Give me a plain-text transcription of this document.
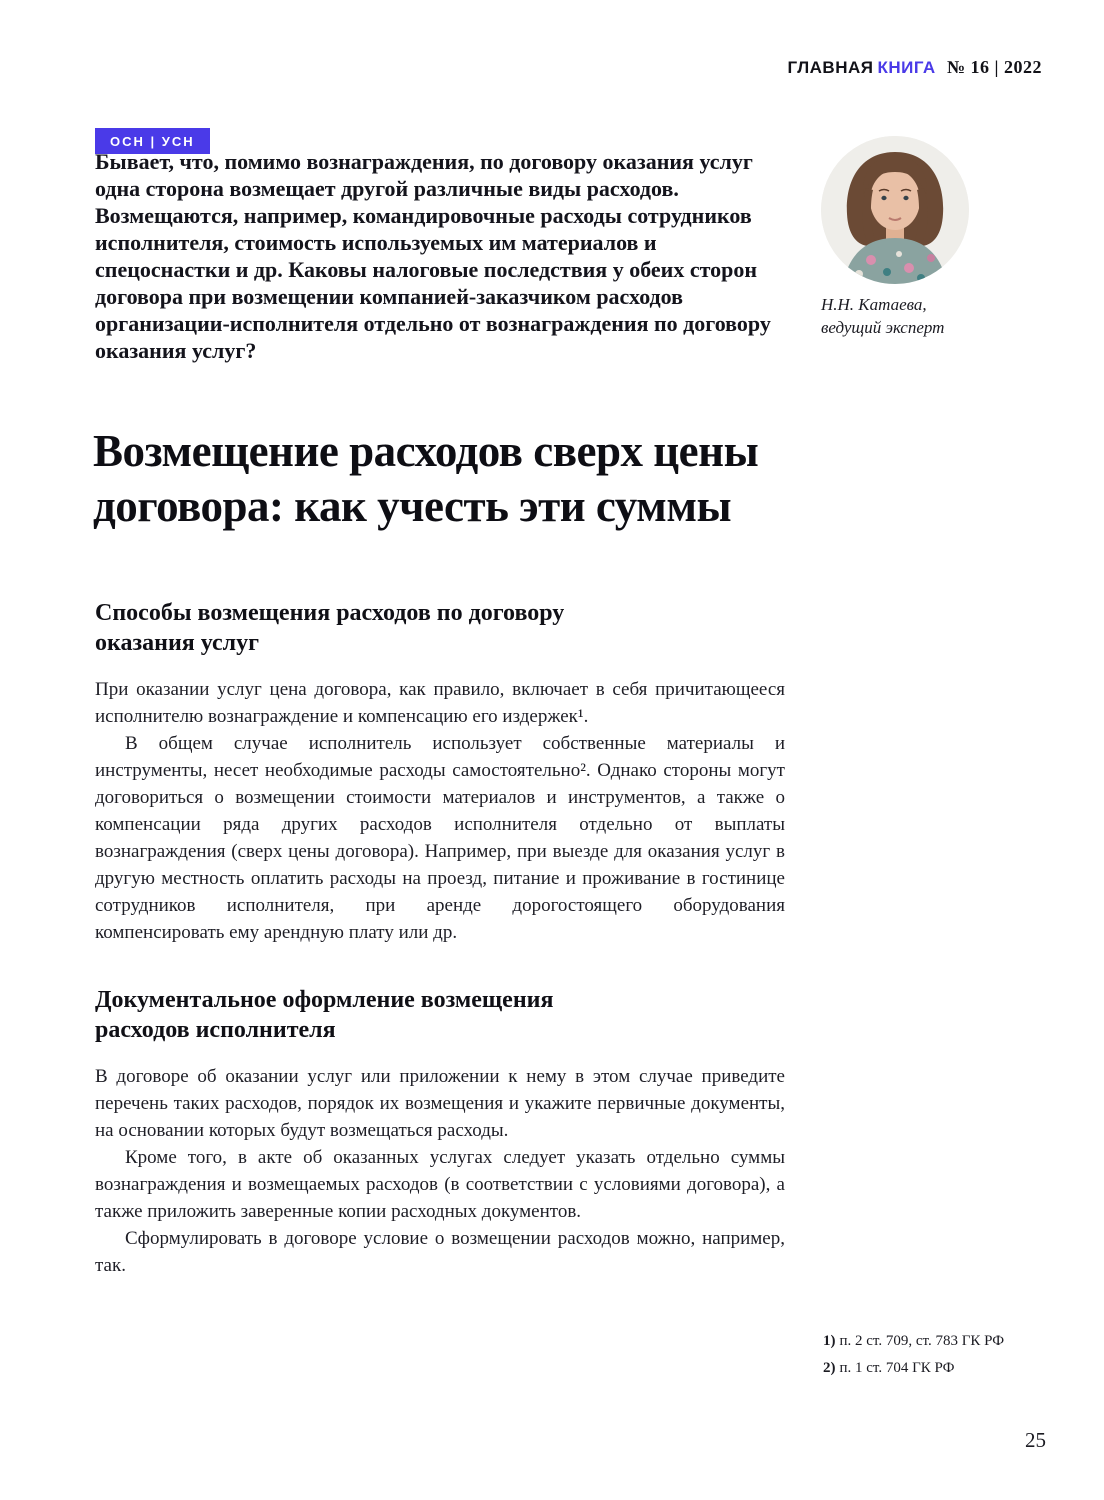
ГЛАВНАЯ КНИГА № 16 | 2022
ОСН | УСН

Бывает, что, помимо вознаграждения, по договору оказания услуг одна сторона возмещает другой различные виды расходов. Возмещаются, например, командировочные расходы сотрудников исполнителя, стоимость используемых им материалов и спецоснастки и др. Каковы налоговые последствия у обеих сторон договора при возмещении компанией-заказчиком расходов организации-исполнителя отдельно от вознаграждения по договору оказания услуг?

Н.Н. Катаева,
ведущий эксперт
Возмещение расходов сверх цены
договора: как учесть эти суммы
Способы возмещения расходов по договору
оказания услуг

При оказании услуг цена договора, как правило, включает в себя причитающееся исполнителю вознаграждение и компенсацию его издержек¹.

В общем случае исполнитель использует собственные материалы и инструменты, несет необходимые расходы самостоятельно². Однако стороны могут договориться о возмещении стоимости материалов и инструментов, а также о компенсации ряда других расходов исполнителя отдельно от выплаты вознаграждения (сверх цены договора). Например, при выезде для оказания услуг в другую местность оплатить расходы на проезд, питание и проживание в гостинице сотрудников исполнителя, при аренде дорогостоящего оборудования компенсировать ему арендную плату или др.

Документальное оформление возмещения
расходов исполнителя

В договоре об оказании услуг или приложении к нему в этом случае приведите перечень таких расходов, порядок их возмещения и укажите первичные документы, на основании которых будут возмещаться расходы.

Кроме того, в акте об оказанных услугах следует указать отдельно суммы вознаграждения и возмещаемых расходов (в соответствии с условиями договора), а также приложить заверенные копии расходных документов.

Сформулировать в договоре условие о возмещении расходов можно, например, так.

1) п. 2 ст. 709, ст. 783 ГК РФ
2) п. 1 ст. 704 ГК РФ
25
